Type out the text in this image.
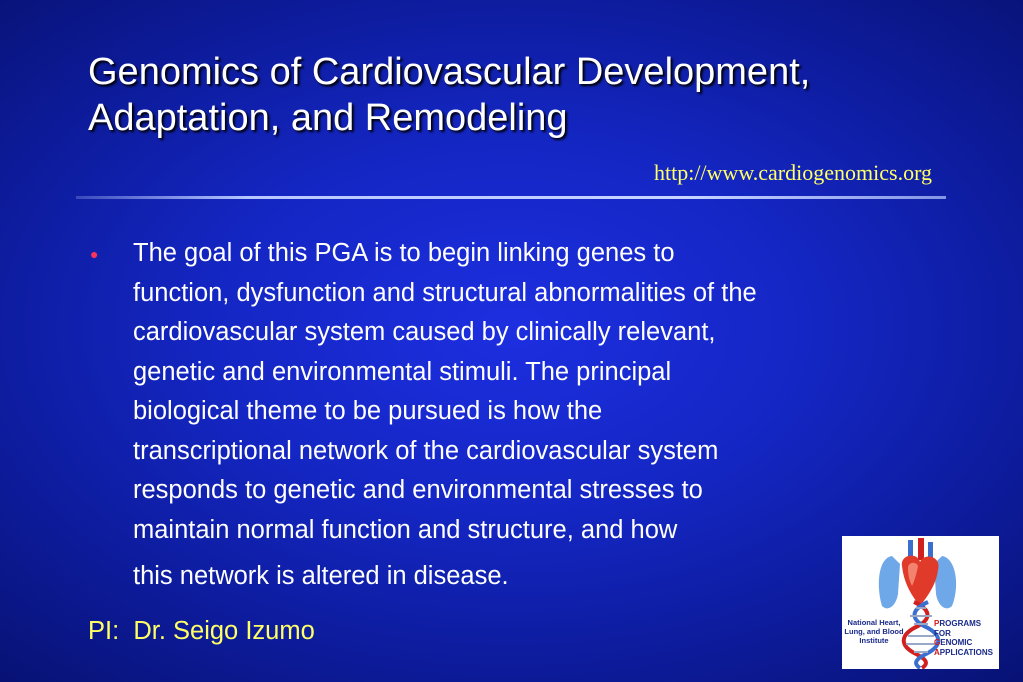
Genomics of Cardiovascular Development,
Adaptation, and Remodeling
http://www.cardiogenomics.org
● The goal of this PGA is to begin linking genes to
function, dysfunction and structural abnormalities of the
cardiovascular system caused by clinically relevant,
genetic and environmental stimuli. The principal
biological theme to be pursued is how the
transcriptional network of the cardiovascular system
responds to genetic and environmental stresses to
maintain normal function and structure, and how
this network is altered in disease.
PI:  Dr. Seigo Izumo	National Heart,
Lung, and Blood
Institute
PROGRAMS FOR
GENOMIC
APPLICATIONS
